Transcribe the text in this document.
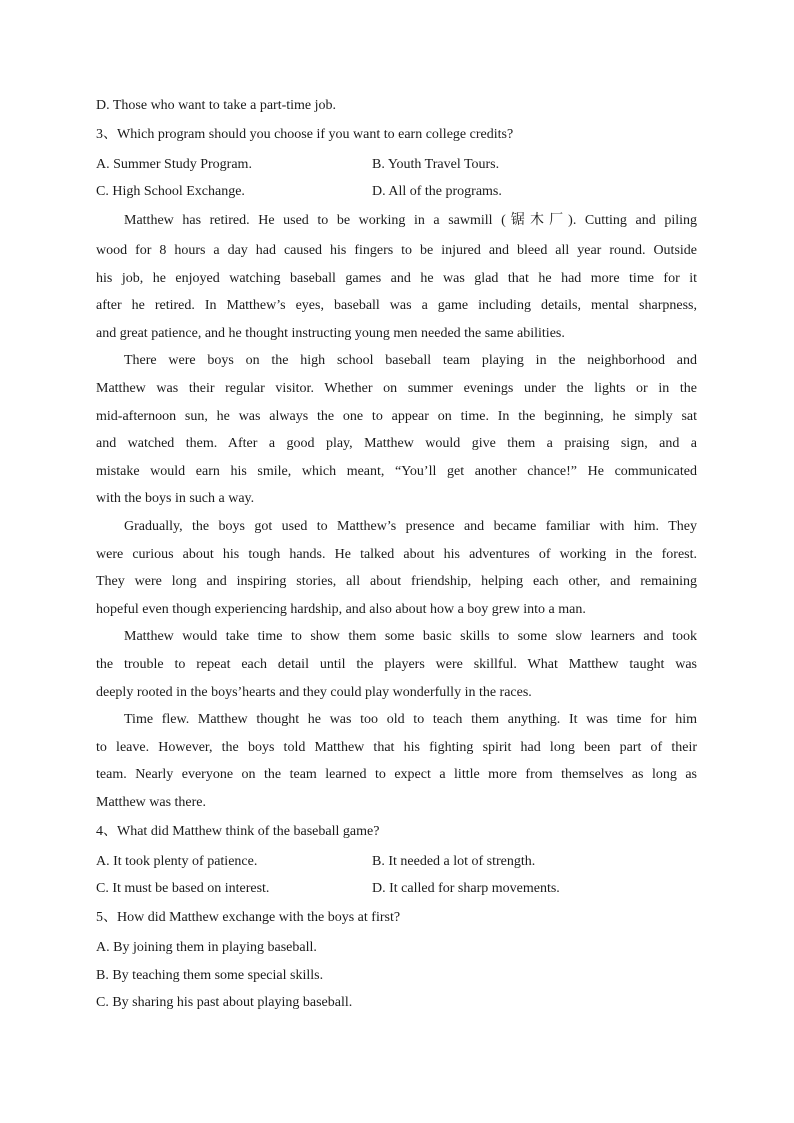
D. Those who want to take a part-time job.
3、Which program should you choose if you want to earn college credits?
A. Summer Study Program.	B. Youth Travel Tours.
C. High School Exchange.	D. All of the programs.
Matthew has retired. He used to be working in a sawmill (锯木厂). Cutting and piling
wood for 8 hours a day had caused his fingers to be injured and bleed all year round. Outside
his job, he enjoyed watching baseball games and he was glad that he had more time for it
after he retired. In Matthew’s eyes, baseball was a game including details, mental sharpness,
and great patience, and he thought instructing young men needed the same abilities.
There were boys on the high school baseball team playing in the neighborhood and
Matthew was their regular visitor. Whether on summer evenings under the lights or in the
mid-afternoon sun, he was always the one to appear on time. In the beginning, he simply sat
and watched them. After a good play, Matthew would give them a praising sign, and a
mistake would earn his smile, which meant, “You’ll get another chance!” He communicated
with the boys in such a way.
Gradually, the boys got used to Matthew’s presence and became familiar with him. They
were curious about his tough hands. He talked about his adventures of working in the forest.
They were long and inspiring stories, all about friendship, helping each other, and remaining
hopeful even though experiencing hardship, and also about how a boy grew into a man.
Matthew would take time to show them some basic skills to some slow learners and took
the trouble to repeat each detail until the players were skillful. What Matthew taught was
deeply rooted in the boys’hearts and they could play wonderfully in the races.
Time flew. Matthew thought he was too old to teach them anything. It was time for him
to leave. However, the boys told Matthew that his fighting spirit had long been part of their
team. Nearly everyone on the team learned to expect a little more from themselves as long as
Matthew was there.
4、What did Matthew think of the baseball game?
A. It took plenty of patience.	B. It needed a lot of strength.
C. It must be based on interest.	D. It called for sharp movements.
5、How did Matthew exchange with the boys at first?
A. By joining them in playing baseball.
B. By teaching them some special skills.
C. By sharing his past about playing baseball.
